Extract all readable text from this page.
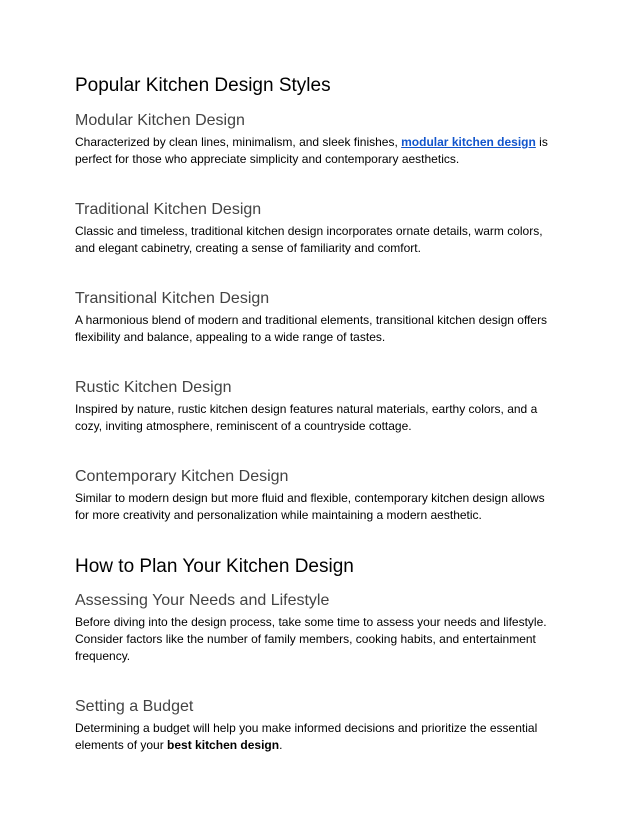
Popular Kitchen Design Styles
Modular Kitchen Design

Characterized by clean lines, minimalism, and sleek finishes, modular kitchen design is perfect for those who appreciate simplicity and contemporary aesthetics.

Traditional Kitchen Design

Classic and timeless, traditional kitchen design incorporates ornate details, warm colors, and elegant cabinetry, creating a sense of familiarity and comfort.

Transitional Kitchen Design

A harmonious blend of modern and traditional elements, transitional kitchen design offers flexibility and balance, appealing to a wide range of tastes.

Rustic Kitchen Design

Inspired by nature, rustic kitchen design features natural materials, earthy colors, and a cozy, inviting atmosphere, reminiscent of a countryside cottage.

Contemporary Kitchen Design

Similar to modern design but more fluid and flexible, contemporary kitchen design allows for more creativity and personalization while maintaining a modern aesthetic.

How to Plan Your Kitchen Design
Assessing Your Needs and Lifestyle

Before diving into the design process, take some time to assess your needs and lifestyle. Consider factors like the number of family members, cooking habits, and entertainment frequency.

Setting a Budget

Determining a budget will help you make informed decisions and prioritize the essential elements of your best kitchen design.
